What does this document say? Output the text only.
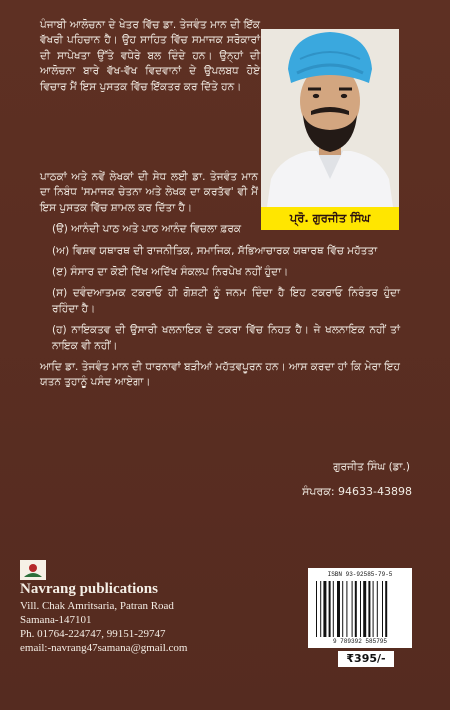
ਪੰਜਾਬੀ ਆਲੋਚਨਾ ਦੇ ਖੇਤਰ ਵਿੱਚ ਡਾ. ਤੇਜਵੰਤ ਮਾਨ ਦੀ ਇੱਕ ਵੱਖਰੀ ਪਹਿਚਾਨ ਹੈ। ਉਹ ਸਾਹਿਤ ਵਿੱਚ ਸਮਾਜਕ ਸਰੋਕਾਰਾਂ ਦੀ ਸਾਪੇਖਤਾ ਉੱਤੇ ਵਧੇਰੇ ਬਲ ਦਿੰਦੇ ਹਨ। ਉਨ੍ਹਾਂ ਦੀ ਆਲੋਚਨਾ ਬਾਰੇ ਵੱਖ-ਵੱਖ ਵਿਦਵਾਨਾਂ ਦੇ ਉਪਲਬਧ ਹੋਏ ਵਿਚਾਰ ਮੈਂ ਇਸ ਪੁਸਤਕ ਵਿੱਚ ਇੱਕਤਰ ਕਰ ਦਿੱਤੇ ਹਨ।

ਪ੍ਰੋ. ਗੁਰਜੀਤ ਸਿੰਘ

ਪਾਠਕਾਂ ਅਤੇ ਨਵੇਂ ਲੇਖਕਾਂ ਦੀ ਸੇਧ ਲਈ ਡਾ. ਤੇਜਵੰਤ ਮਾਨ ਦਾ ਨਿਬੰਧ 'ਸਮਾਜਕ ਚੇਤਨਾ ਅਤੇ ਲੇਖਕ ਦਾ ਕਰਤੱਵ' ਵੀ ਮੈਂ ਇਸ ਪੁਸਤਕ ਵਿੱਚ ਸ਼ਾਮਲ ਕਰ ਦਿੱਤਾ ਹੈ।

(ੳ) ਆਨੰਦੀ ਪਾਠ ਅਤੇ ਪਾਠ ਆਨੰਦ ਵਿਚਲਾ ਫ਼ਰਕ

(ਅ) ਵਿਸ਼ਵ ਯਥਾਰਥ ਦੀ ਰਾਜਨੀਤਿਕ, ਸਮਾਜਿਕ, ਸੱਭਿਆਚਾਰਕ ਯਥਾਰਥ ਵਿੱਚ ਮਹੱਤਤਾ

(ੲ) ਸੰਸਾਰ ਦਾ ਕੋਈ ਦਿੱਖ ਅਦਿੱਖ ਸੰਕਲਪ ਨਿਰਪੇਖ ਨਹੀਂ ਹੁੰਦਾ।

(ਸ) ਦਵੰਦਆਤਮਕ ਟਕਰਾਓ ਹੀ ਗੋਸ਼ਟੀ ਨੂੰ ਜਨਮ ਦਿੰਦਾ ਹੈ ਇਹ ਟਕਰਾਓ ਨਿਰੰਤਰ ਹੁੰਦਾ ਰਹਿੰਦਾ ਹੈ।

(ਹ) ਨਾਇਕਤਵ ਦੀ ਉਸਾਰੀ ਖਲਨਾਇਕ ਦੇ ਟਕਰਾ ਵਿੱਚ ਨਿਹਤ ਹੈ। ਜੇ ਖਲਨਾਇਕ ਨਹੀਂ ਤਾਂ ਨਾਇਕ ਵੀ ਨਹੀਂ।

ਆਦਿ ਡਾ. ਤੇਜਵੰਤ ਮਾਨ ਦੀ ਧਾਰਨਾਵਾਂ ਬੜੀਆਂ ਮਹੱਤਵਪੂਰਨ ਹਨ। ਆਸ ਕਰਦਾ ਹਾਂ ਕਿ ਮੇਰਾ ਇਹ ਯਤਨ ਤੁਹਾਨੂੰ ਪਸੰਦ ਆਏਗਾ।

ਗੁਰਜੀਤ ਸਿੰਘ (ਡਾ.)
ਸੰਪਰਕ: 94633-43898
Navrang publications
Vill. Chak Amritsaria, Patran Road
Samana-147101
Ph. 01764-224747, 99151-29747
email:-navrang47samana@gmail.com
ISBN 93-92585-79-5
9 789392 585795
₹395/-
